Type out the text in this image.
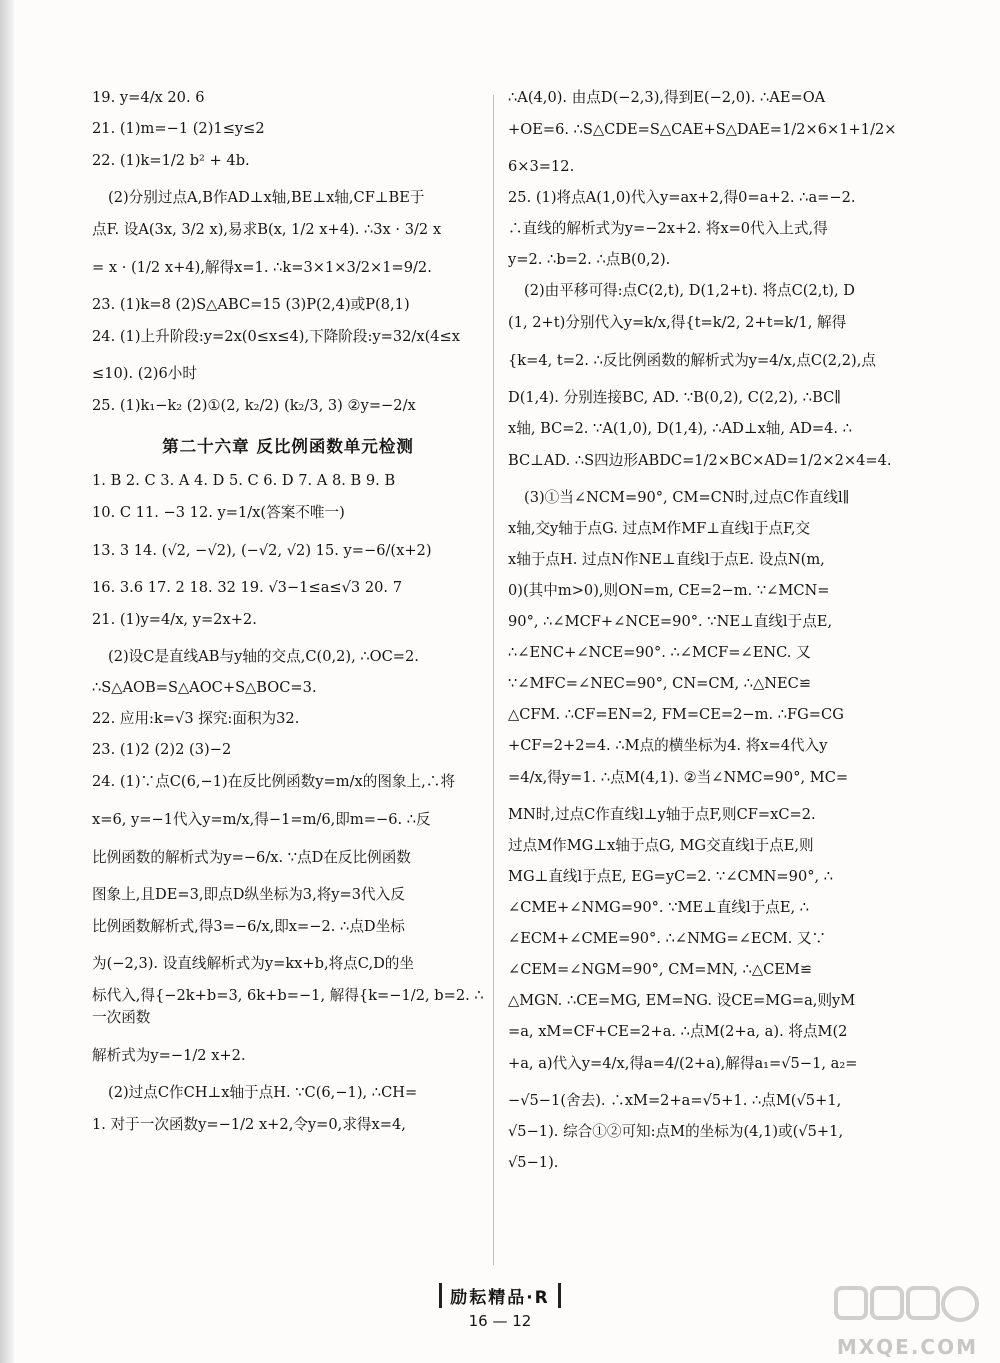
19. y=4/x 20. 6
21. (1)m=−1 (2)1≤y≤2
22. (1)k=1/2 b² + 4b.
(2)分别过点A,B作AD⊥x轴,BE⊥x轴,CF⊥BE于
点F. 设A(3x, 3/2 x),易求B(x, 1/2 x+4). ∴3x · 3/2 x
= x · (1/2 x+4),解得x=1. ∴k=3×1×3/2×1=9/2.
23. (1)k=8 (2)S△ABC=15 (3)P(2,4)或P(8,1)
24. (1)上升阶段:y=2x(0≤x≤4),下降阶段:y=32/x(4≤x
≤10). (2)6小时
25. (1)k₁−k₂ (2)①(2, k₂/2) (k₂/3, 3) ②y=−2/x
第二十六章 反比例函数单元检测
1. B 2. C 3. A 4. D 5. C 6. D 7. A 8. B 9. B
10. C 11. −3 12. y=1/x(答案不唯一)
13. 3 14. (√2, −√2), (−√2, √2) 15. y=−6/(x+2)
16. 3.6 17. 2 18. 32 19. √3−1≤a≤√3 20. 7
21. (1)y=4/x, y=2x+2.
(2)设C是直线AB与y轴的交点,C(0,2), ∴OC=2.
∴S△AOB=S△AOC+S△BOC=3.
22. 应用:k=√3 探究:面积为32.
23. (1)2 (2)2 (3)−2
24. (1)∵点C(6,−1)在反比例函数y=m/x的图象上,∴将
x=6, y=−1代入y=m/x,得−1=m/6,即m=−6. ∴反
比例函数的解析式为y=−6/x. ∵点D在反比例函数
图象上,且DE=3,即点D纵坐标为3,将y=3代入反
比例函数解析式,得3=−6/x,即x=−2. ∴点D坐标
为(−2,3). 设直线解析式为y=kx+b,将点C,D的坐
标代入,得{−2k+b=3, 6k+b=−1, 解得{k=−1/2, b=2. ∴一次函数
解析式为y=−1/2 x+2.
(2)过点C作CH⊥x轴于点H. ∵C(6,−1), ∴CH=
1. 对于一次函数y=−1/2 x+2,令y=0,求得x=4,
∴A(4,0). 由点D(−2,3),得到E(−2,0). ∴AE=OA
+OE=6. ∴S△CDE=S△CAE+S△DAE=1/2×6×1+1/2×
6×3=12.
25. (1)将点A(1,0)代入y=ax+2,得0=a+2. ∴a=−2.
∴直线的解析式为y=−2x+2. 将x=0代入上式,得
y=2. ∴b=2. ∴点B(0,2).
(2)由平移可得:点C(2,t), D(1,2+t). 将点C(2,t), D
(1, 2+t)分别代入y=k/x,得{t=k/2, 2+t=k/1, 解得
{k=4, t=2. ∴反比例函数的解析式为y=4/x,点C(2,2),点
D(1,4). 分别连接BC, AD. ∵B(0,2), C(2,2), ∴BC∥
x轴, BC=2. ∵A(1,0), D(1,4), ∴AD⊥x轴, AD=4. ∴
BC⊥AD. ∴S四边形ABDC=1/2×BC×AD=1/2×2×4=4.
(3)①当∠NCM=90°, CM=CN时,过点C作直线l∥
x轴,交y轴于点G. 过点M作MF⊥直线l于点F,交
x轴于点H. 过点N作NE⊥直线l于点E. 设点N(m,
0)(其中m>0),则ON=m, CE=2−m. ∵∠MCN=
90°, ∴∠MCF+∠NCE=90°. ∵NE⊥直线l于点E,
∴∠ENC+∠NCE=90°. ∴∠MCF=∠ENC. 又
∵∠MFC=∠NEC=90°, CN=CM, ∴△NEC≌
△CFM. ∴CF=EN=2, FM=CE=2−m. ∴FG=CG
+CF=2+2=4. ∴M点的横坐标为4. 将x=4代入y
=4/x,得y=1. ∴点M(4,1). ②当∠NMC=90°, MC=
MN时,过点C作直线l⊥y轴于点F,则CF=xC=2.
过点M作MG⊥x轴于点G, MG交直线l于点E,则
MG⊥直线l于点E, EG=yC=2. ∵∠CMN=90°, ∴
∠CME+∠NMG=90°. ∵ME⊥直线l于点E, ∴
∠ECM+∠CME=90°. ∴∠NMG=∠ECM. 又∵
∠CEM=∠NGM=90°, CM=MN, ∴△CEM≌
△MGN. ∴CE=MG, EM=NG. 设CE=MG=a,则yM
=a, xM=CF+CE=2+a. ∴点M(2+a, a). 将点M(2
+a, a)代入y=4/x,得a=4/(2+a),解得a₁=√5−1, a₂=
−√5−1(舍去). ∴xM=2+a=√5+1. ∴点M(√5+1,
√5−1). 综合①②可知:点M的坐标为(4,1)或(√5+1,
√5−1).
励耘精品·R
16 — 12
MXQE.COM
